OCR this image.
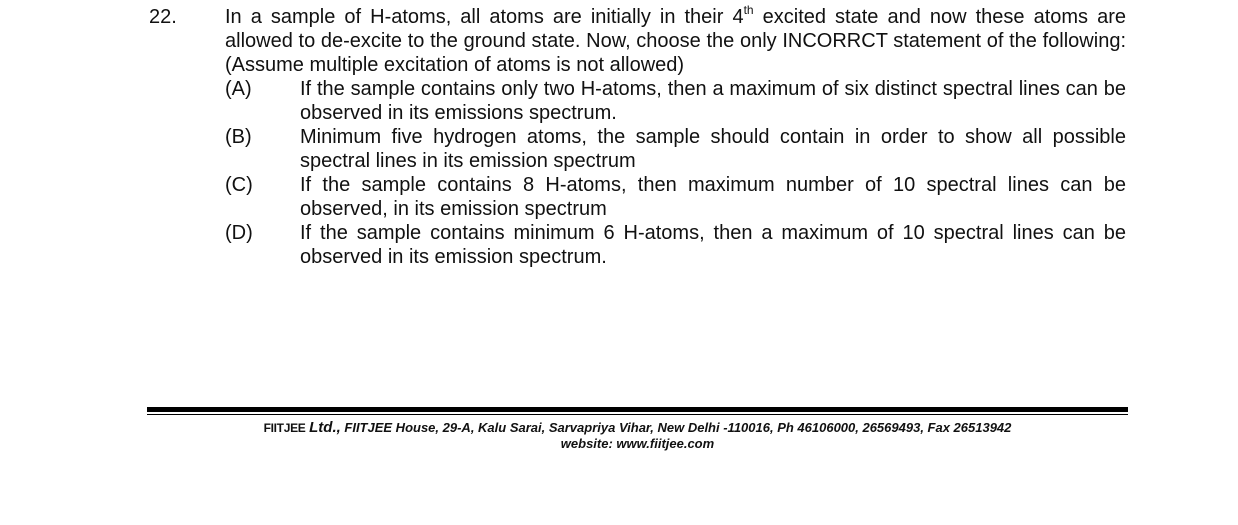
22. In a sample of H-atoms, all atoms are initially in their 4th excited state and now these atoms are allowed to de-excite to the ground state. Now, choose the only INCORRCT statement of the following: (Assume multiple excitation of atoms is not allowed)
(A) If the sample contains only two H-atoms, then a maximum of six distinct spectral lines can be observed in its emissions spectrum.
(B) Minimum five hydrogen atoms, the sample should contain in order to show all possible spectral lines in its emission spectrum
(C) If the sample contains 8 H-atoms, then maximum number of 10 spectral lines can be observed, in its emission spectrum
(D) If the sample contains minimum 6 H-atoms, then a maximum of 10 spectral lines can be observed in its emission spectrum.
FIITJEE Ltd., FIITJEE House, 29-A, Kalu Sarai, Sarvapriya Vihar, New Delhi -110016, Ph 46106000, 26569493, Fax 26513942
website: www.fiitjee.com
